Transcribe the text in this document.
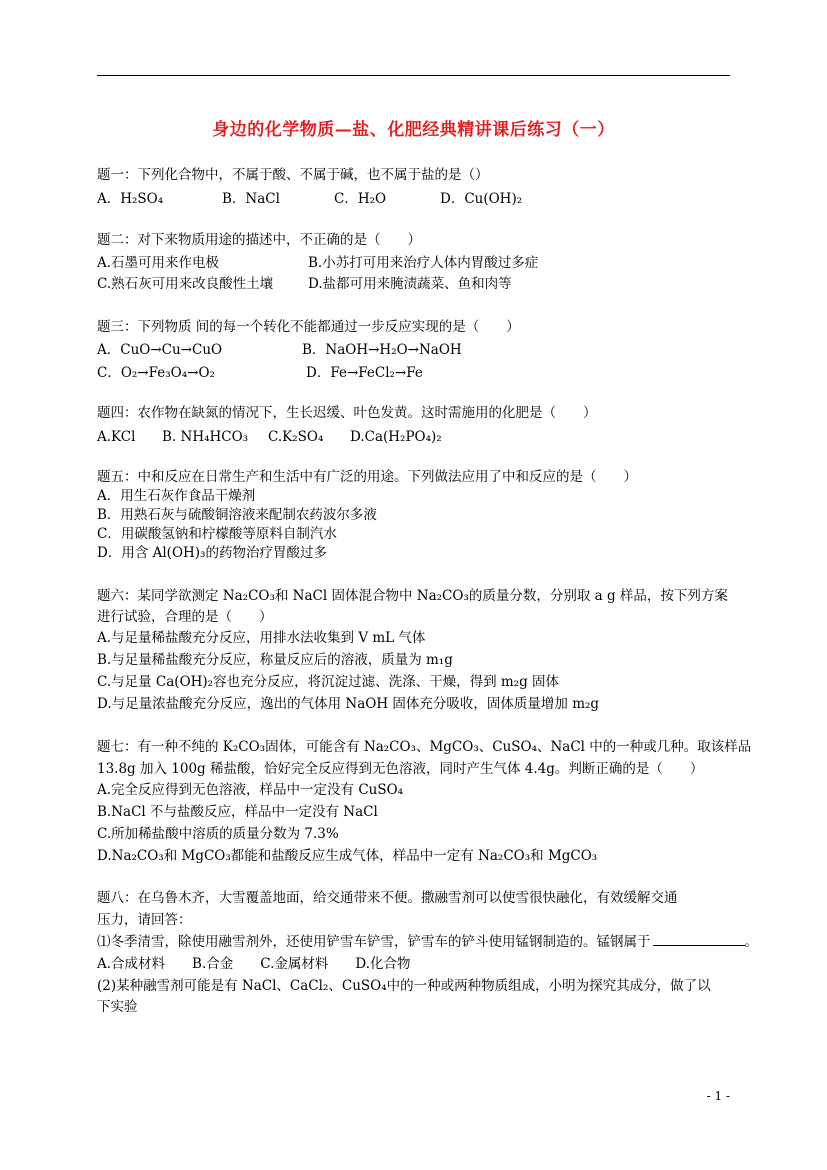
身边的化学物质—盐、化肥经典精讲课后练习（一）
题一：下列化合物中，不属于酸、不属于碱，也不属于盐的是（）
A．H₂SO₄	B．NaCl	C．H₂O	D．Cu(OH)₂
题二：对下来物质用途的描述中，不正确的是（　　）
A.石墨可用来作电极	B.小苏打可用来治疗人体内胃酸过多症
C.熟石灰可用来改良酸性土壤	D.盐都可用来腌渍蔬菜、鱼和肉等
题三：下列物质 间的每一个转化不能都通过一步反应实现的是（　　）
A．CuO→Cu→CuO	B．NaOH→H₂O→NaOH
C．O₂→Fe₃O₄→O₂	D．Fe→FeCl₂→Fe
题四：农作物在缺氮的情况下，生长迟缓、叶色发黄。这时需施用的化肥是（　　）
A.KCl B. NH₄HCO₃ C.K₂SO₄ D.Ca(H₂PO₄)₂
题五：中和反应在日常生产和生活中有广泛的用途。下列做法应用了中和反应的是（　　）
A．用生石灰作食品干燥剂
B．用熟石灰与硫酸铜溶液来配制农药波尔多液
C．用碳酸氢钠和柠檬酸等原料自制汽水
D．用含 Al(OH)₃的药物治疗胃酸过多
题六：某同学欲测定 Na₂CO₃和 NaCl 固体混合物中 Na₂CO₃的质量分数，分别取 a g 样品，按下列方案
进行试验，合理的是（　　）
A.与足量稀盐酸充分反应，用排水法收集到 V mL 气体
B.与足量稀盐酸充分反应，称量反应后的溶液，质量为 m₁g
C.与足量 Ca(OH)₂容也充分反应，将沉淀过滤、洗涤、干燥，得到 m₂g 固体
D.与足量浓盐酸充分反应，逸出的气体用 NaOH 固体充分吸收，固体质量增加 m₂g
题七：有一种不纯的 K₂CO₃固体，可能含有 Na₂CO₃、MgCO₃、CuSO₄、NaCl 中的一种或几种。取该样品
13.8g 加入 100g 稀盐酸，恰好完全反应得到无色溶液，同时产生气体 4.4g。判断正确的是（　　）
A.完全反应得到无色溶液，样品中一定没有 CuSO₄
B.NaCl 不与盐酸反应，样品中一定没有 NaCl
C.所加稀盐酸中溶质的质量分数为 7.3%
D.Na₂CO₃和 MgCO₃都能和盐酸反应生成气体，样品中一定有 Na₂CO₃和 MgCO₃
题八：在乌鲁木齐，大雪覆盖地面，给交通带来不便。撒融雪剂可以使雪很快融化，有效缓解交通
压力，请回答：
⑴冬季清雪，除使用融雪剂外，还使用铲雪车铲雪，铲雪车的铲斗使用锰钢制造的。锰钢属于	。
A.合成材料　　B.合金　　C.金属材料　　D.化合物
(2)某种融雪剂可能是有 NaCl、CaCl₂、CuSO₄中的一种或两种物质组成，小明为探究其成分，做了以
下实验
- 1 -
